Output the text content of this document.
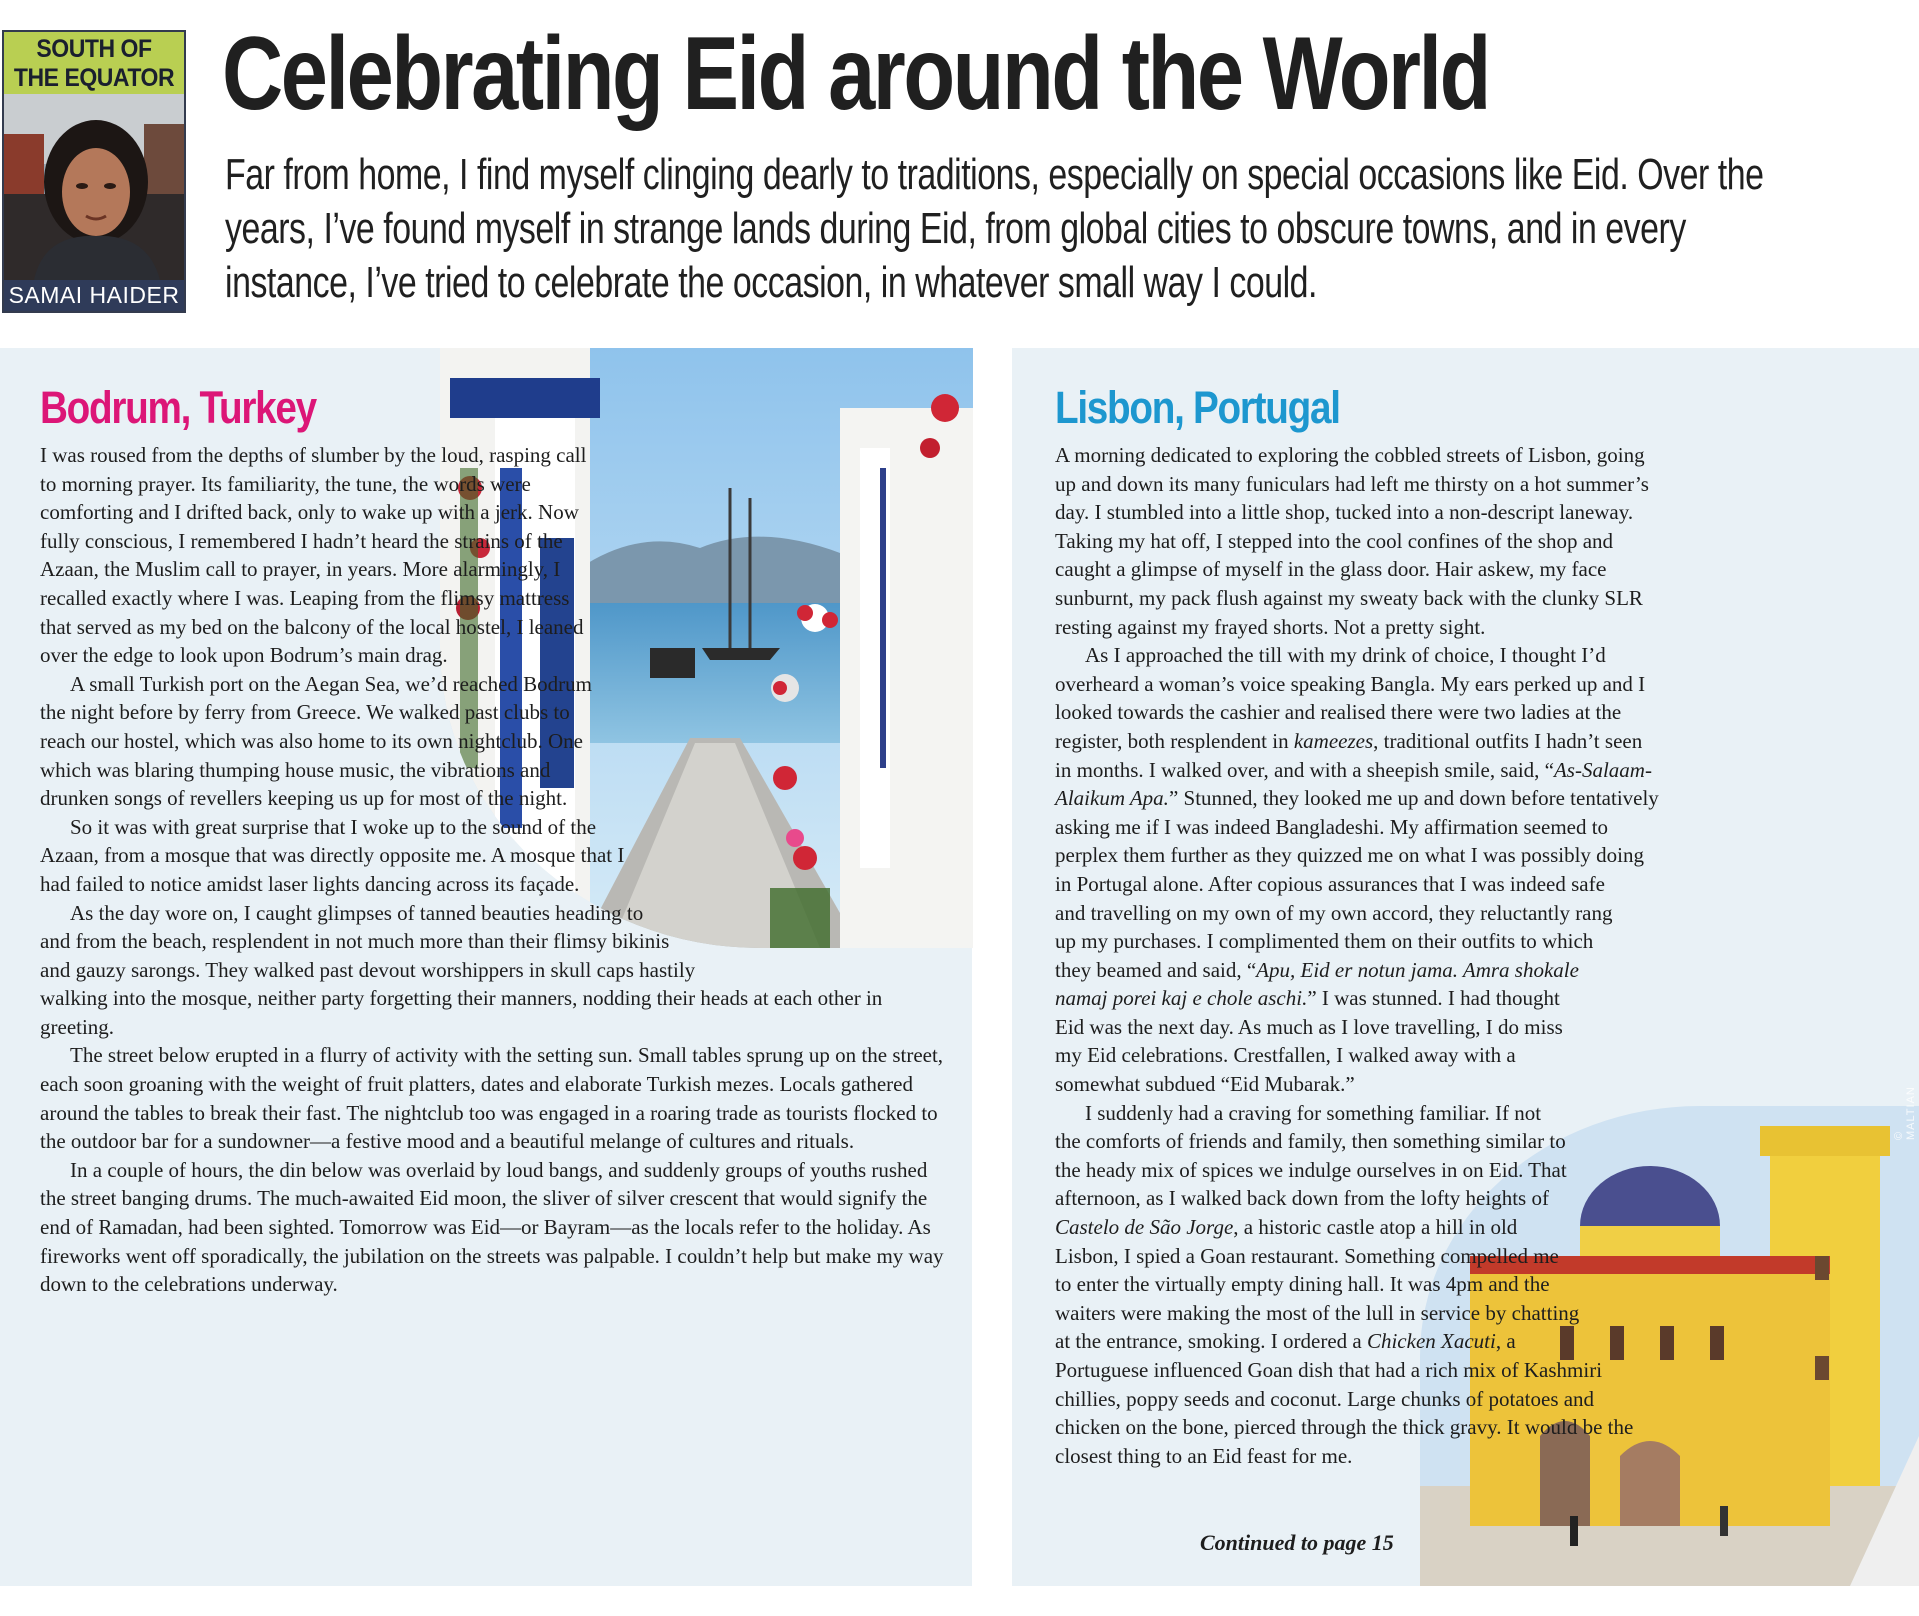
SOUTH OF
THE EQUATOR
SAMAI HAIDER
Celebrating Eid around the World

Far from home, I find myself clinging dearly to traditions, especially on special occasions like Eid. Over the years, I’ve found myself in strange lands during Eid, from global cities to obscure towns, and in every instance, I’ve tried to celebrate the occasion, in whatever small way I could.

© MALTIAN
Bodrum, Turkey	Lisbon, Portugal

I was roused from the depths of slumber by the loud, rasping call to morning prayer. Its familiarity, the tune, the words were comforting and I drifted back, only to wake up with a jerk. Now fully conscious, I remembered I hadn’t heard the strains of the Azaan, the Muslim call to prayer, in years. More alarmingly, I recalled exactly where I was. Leaping from the flimsy mattress that served as my bed on the balcony of the local hostel, I leaned over the edge to look upon Bodrum’s main drag.

A small Turkish port on the Aegan Sea, we’d reached Bodrum the night before by ferry from Greece. We walked past clubs to reach our hostel, which was also home to its own nightclub. One which was blaring thumping house music, the vibrations and drunken songs of revellers keeping us up for most of the night.

So it was with great surprise that I woke up to the sound of the Azaan, from a mosque that was directly opposite me. A mosque that I had failed to notice amidst laser lights dancing across its façade.

As the day wore on, I caught glimpses of tanned beauties heading to and from the beach, resplendent in not much more than their flimsy bikinis and gauzy sarongs. They walked past devout worshippers in skull caps hastily walking into the mosque, neither party forgetting their manners, nodding their heads at each other in greeting.

The street below erupted in a flurry of activity with the setting sun. Small tables sprung up on the street, each soon groaning with the weight of fruit platters, dates and elaborate Turkish mezes. Locals gathered around the tables to break their fast. The nightclub too was engaged in a roaring trade as tourists flocked to the outdoor bar for a sundowner—a festive mood and a beautiful melange of cultures and rituals.

In a couple of hours, the din below was overlaid by loud bangs, and suddenly groups of youths rushed the street banging drums. The much-awaited Eid moon, the sliver of silver crescent that would signify the end of Ramadan, had been sighted. Tomorrow was Eid—or Bayram—as the locals refer to the holiday. As fireworks went off sporadically, the jubilation on the streets was palpable. I couldn’t help but make my way down to the celebrations underway.

A morning dedicated to exploring the cobbled streets of Lisbon, going up and down its many funiculars had left me thirsty on a hot summer’s day. I stumbled into a little shop, tucked into a non-descript laneway. Taking my hat off, I stepped into the cool confines of the shop and caught a glimpse of myself in the glass door. Hair askew, my face sunburnt, my pack flush against my sweaty back with the clunky SLR resting against my frayed shorts. Not a pretty sight.

As I approached the till with my drink of choice, I thought I’d overheard a woman’s voice speaking Bangla. My ears perked up and I looked towards the cashier and realised there were two ladies at the register, both resplendent in kameezes, traditional outfits I hadn’t seen in months. I walked over, and with a sheepish smile, said, “As-Salaam-Alaikum Apa.” Stunned, they looked me up and down before tentatively asking me if I was indeed Bangladeshi. My affirmation seemed to perplex them further as they quizzed me on what I was possibly doing in Portugal alone. After copious assurances that I was indeed safe and travelling on my own of my own accord, they reluctantly rang up my purchases. I complimented them on their outfits to which they beamed and said, “Apu, Eid er notun jama. Amra shokale namaj porei kaj e chole aschi.” I was stunned. I had thought Eid was the next day. As much as I love travelling, I do miss my Eid celebrations. Crestfallen, I walked away with a somewhat subdued “Eid Mubarak.”

I suddenly had a craving for something familiar. If not the comforts of friends and family, then something similar to the heady mix of spices we indulge ourselves in on Eid. That afternoon, as I walked back down from the lofty heights of Castelo de São Jorge, a historic castle atop a hill in old Lisbon, I spied a Goan restaurant. Something compelled me to enter the virtually empty dining hall. It was 4pm and the waiters were making the most of the lull in service by chatting at the entrance, smoking. I ordered a Chicken Xacuti, a Portuguese influenced Goan dish that had a rich mix of Kashmiri chillies, poppy seeds and coconut. Large chunks of potatoes and chicken on the bone, pierced through the thick gravy. It would be the closest thing to an Eid feast for me.

Continued to page 15
